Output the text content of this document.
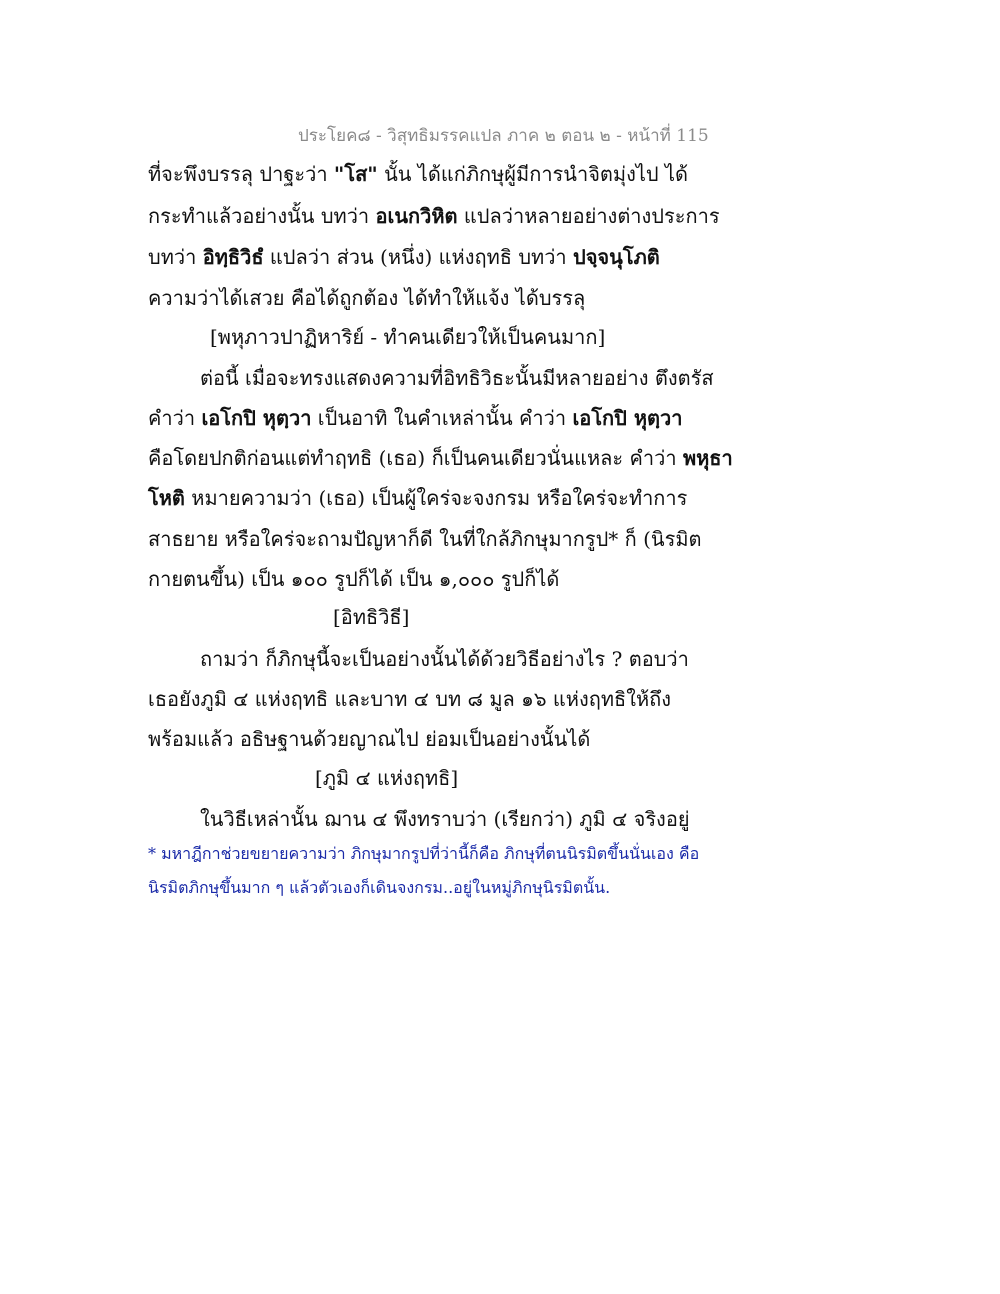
ประโยค๘ - วิสุทธิมรรคแปล ภาค ๒ ตอน ๒ - หน้าที่ 115
ที่จะพึงบรรลุ ปาฐะว่า "โส" นั้น ได้แก่ภิกษุผู้มีการนำจิตมุ่งไป ได้
กระทำแล้วอย่างนั้น บทว่า อเนกวิหิต แปลว่าหลายอย่างต่างประการ
บทว่า อิทฺธิวิธํ แปลว่า ส่วน (หนึ่ง) แห่งฤทธิ บทว่า ปจฺจนุโภติ
ความว่าได้เสวย คือได้ถูกต้อง ได้ทำให้แจ้ง ได้บรรลุ
[พหุภาวปาฏิหาริย์ - ทำคนเดียวให้เป็นคนมาก]
ต่อนี้ เมื่อจะทรงแสดงความที่อิทธิวิธะนั้นมีหลายอย่าง ตึงตรัส
คำว่า เอโกปิ หุตฺวา เป็นอาทิ ในคำเหล่านั้น คำว่า เอโกปิ หุตฺวา
คือโดยปกติก่อนแต่ทำฤทธิ (เธอ) ก็เป็นคนเดียวนั่นแหละ คำว่า พหุธา
โหติ หมายความว่า (เธอ) เป็นผู้ใคร่จะจงกรม หรือใคร่จะทำการ
สาธยาย หรือใคร่จะถามปัญหาก็ดี ในที่ใกล้ภิกษุมากรูป* ก็ (นิรมิต
กายตนขึ้น) เป็น ๑๐๐ รูปก็ได้ เป็น ๑,๐๐๐ รูปก็ได้
[อิทธิวิธี]
ถามว่า ก็ภิกษุนี้จะเป็นอย่างนั้นได้ด้วยวิธีอย่างไร ? ตอบว่า
เธอยังภูมิ ๔ แห่งฤทธิ และบาท ๔ บท ๘ มูล ๑๖ แห่งฤทธิให้ถึง
พร้อมแล้ว อธิษฐานด้วยญาณไป ย่อมเป็นอย่างนั้นได้
[ภูมิ ๔ แห่งฤทธิ]
ในวิธีเหล่านั้น ฌาน ๔ พึงทราบว่า (เรียกว่า) ภูมิ ๔ จริงอยู่
* มหาฎีกาช่วยขยายความว่า ภิกษุมากรูปที่ว่านี้ก็คือ ภิกษุที่ตนนิรมิตขึ้นนั่นเอง คือ
นิรมิตภิกษุขึ้นมาก ๆ แล้วตัวเองก็เดินจงกรม..อยู่ในหมู่ภิกษุนิรมิตนั้น.
